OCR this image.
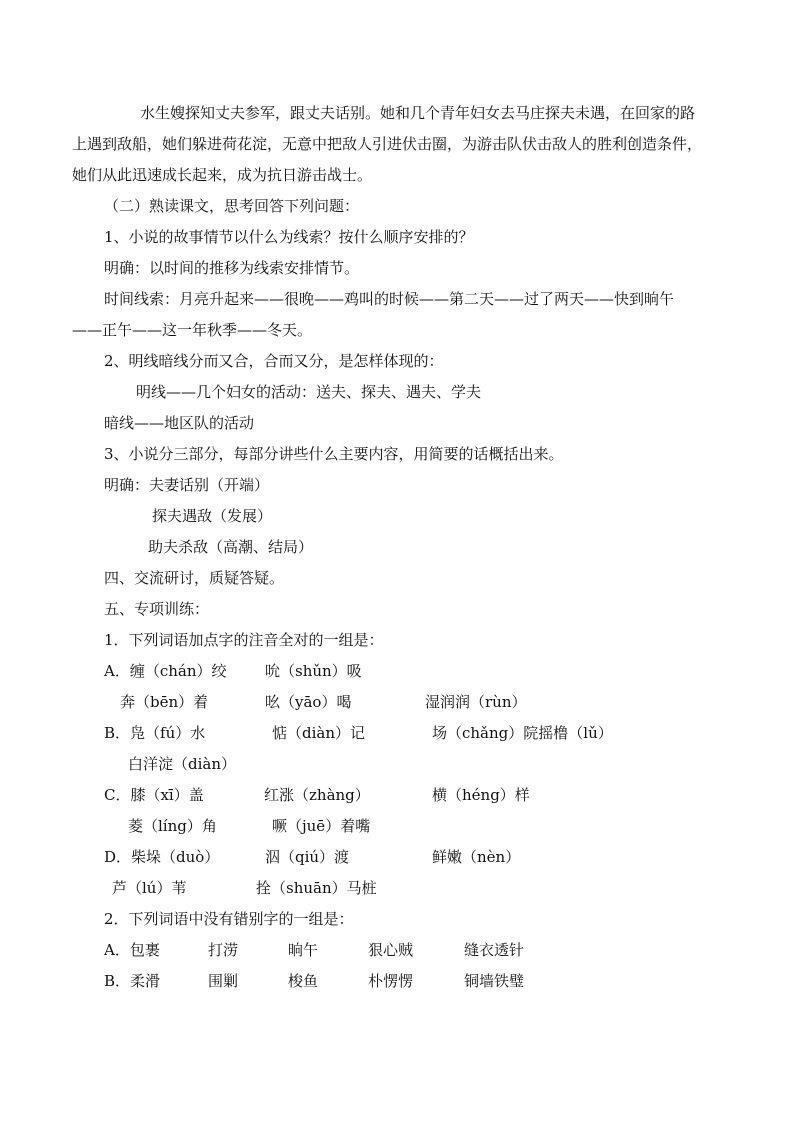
水生嫂探知丈夫参军，跟丈夫话别。她和几个青年妇女去马庄探夫未遇，在回家的路
上遇到敌船，她们躲进荷花淀，无意中把敌人引进伏击圈，为游击队伏击敌人的胜利创造条件，
她们从此迅速成长起来，成为抗日游击战士。
（二）熟读课文，思考回答下列问题：
1、小说的故事情节以什么为线索？按什么顺序安排的？
明确：以时间的推移为线索安排情节。
时间线索：月亮升起来——很晚——鸡叫的时候——第二天——过了两天——快到晌午
——正午——这一年秋季——冬天。
2、明线暗线分而又合，合而又分，是怎样体现的：
明线——几个妇女的活动：送夫、探夫、遇夫、学夫
暗线——地区队的活动
3、小说分三部分，每部分讲些什么主要内容，用简要的话概括出来。
明确：夫妻话别（开端）
探夫遇敌（发展）
助夫杀敌（高潮、结局）
四、交流研讨，质疑答疑。
五、专项训练：
1．下列词语加点字的注音全对的一组是：
A．缠（chán）绞	吮（shǔn）吸
奔（bēn）着	吆（yāo）喝	湿润润（rùn）
B．凫（fú）水	惦（diàn）记	场（chǎng）院摇橹（lǔ）
白洋淀（diàn）
C．膝（xī）盖	红涨（zhàng）	横（héng）样
菱（líng）角	噘（juē）着嘴
D．柴垛（duò）	泅（qiú）渡	鲜嫩（nèn）
芦（lú）苇	拴（shuān）马桩
2．下列词语中没有错别字的一组是：
A．包裹	打涝	晌午	狠心贼	缝衣透针
B．柔滑	围剿	梭鱼	朴愣愣	铜墙铁璧
